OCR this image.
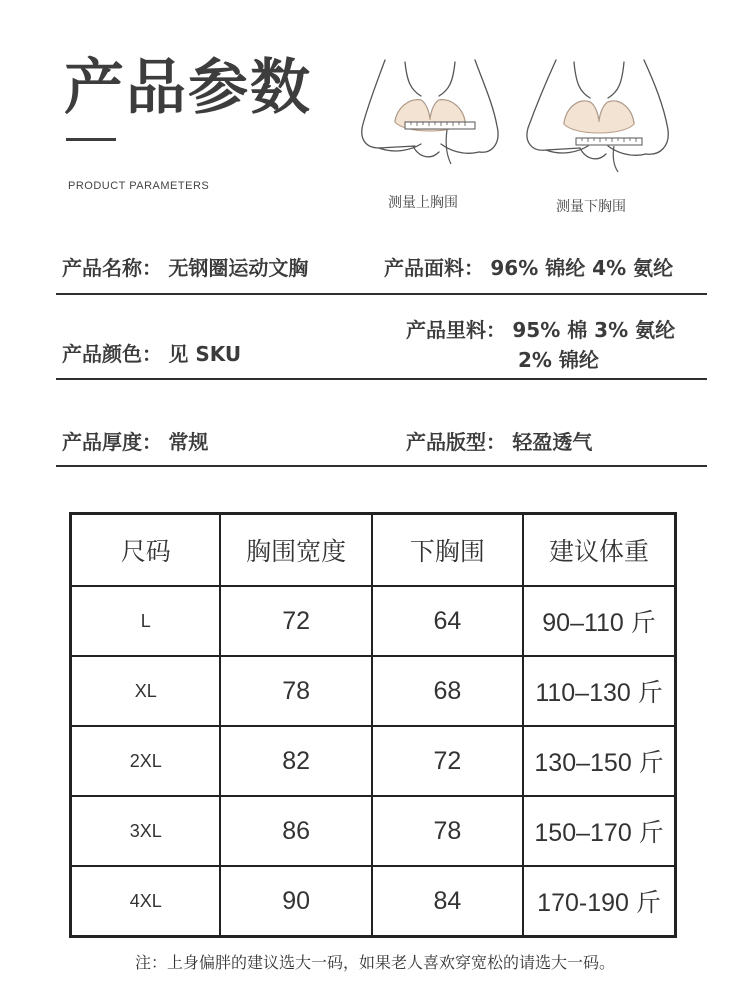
产品参数
PRODUCT PARAMETERS
测量上胸围	测量下胸围
产品名称： 无钢圈运动文胸	产品面料： 96% 锦纶 4% 氨纶
产品颜色： 见 SKU
产品里料： 95% 棉 3% 氨纶
2% 锦纶
产品厚度： 常规	产品版型： 轻盈透气
尺码	胸围宽度	下胸围	建议体重
L	72	64	90–110 斤
XL	78	68	110–130 斤
2XL	82	72	130–150 斤
3XL	86	78	150–170 斤
4XL	90	84	170-190 斤
注：上身偏胖的建议选大一码，如果老人喜欢穿宽松的请选大一码。
